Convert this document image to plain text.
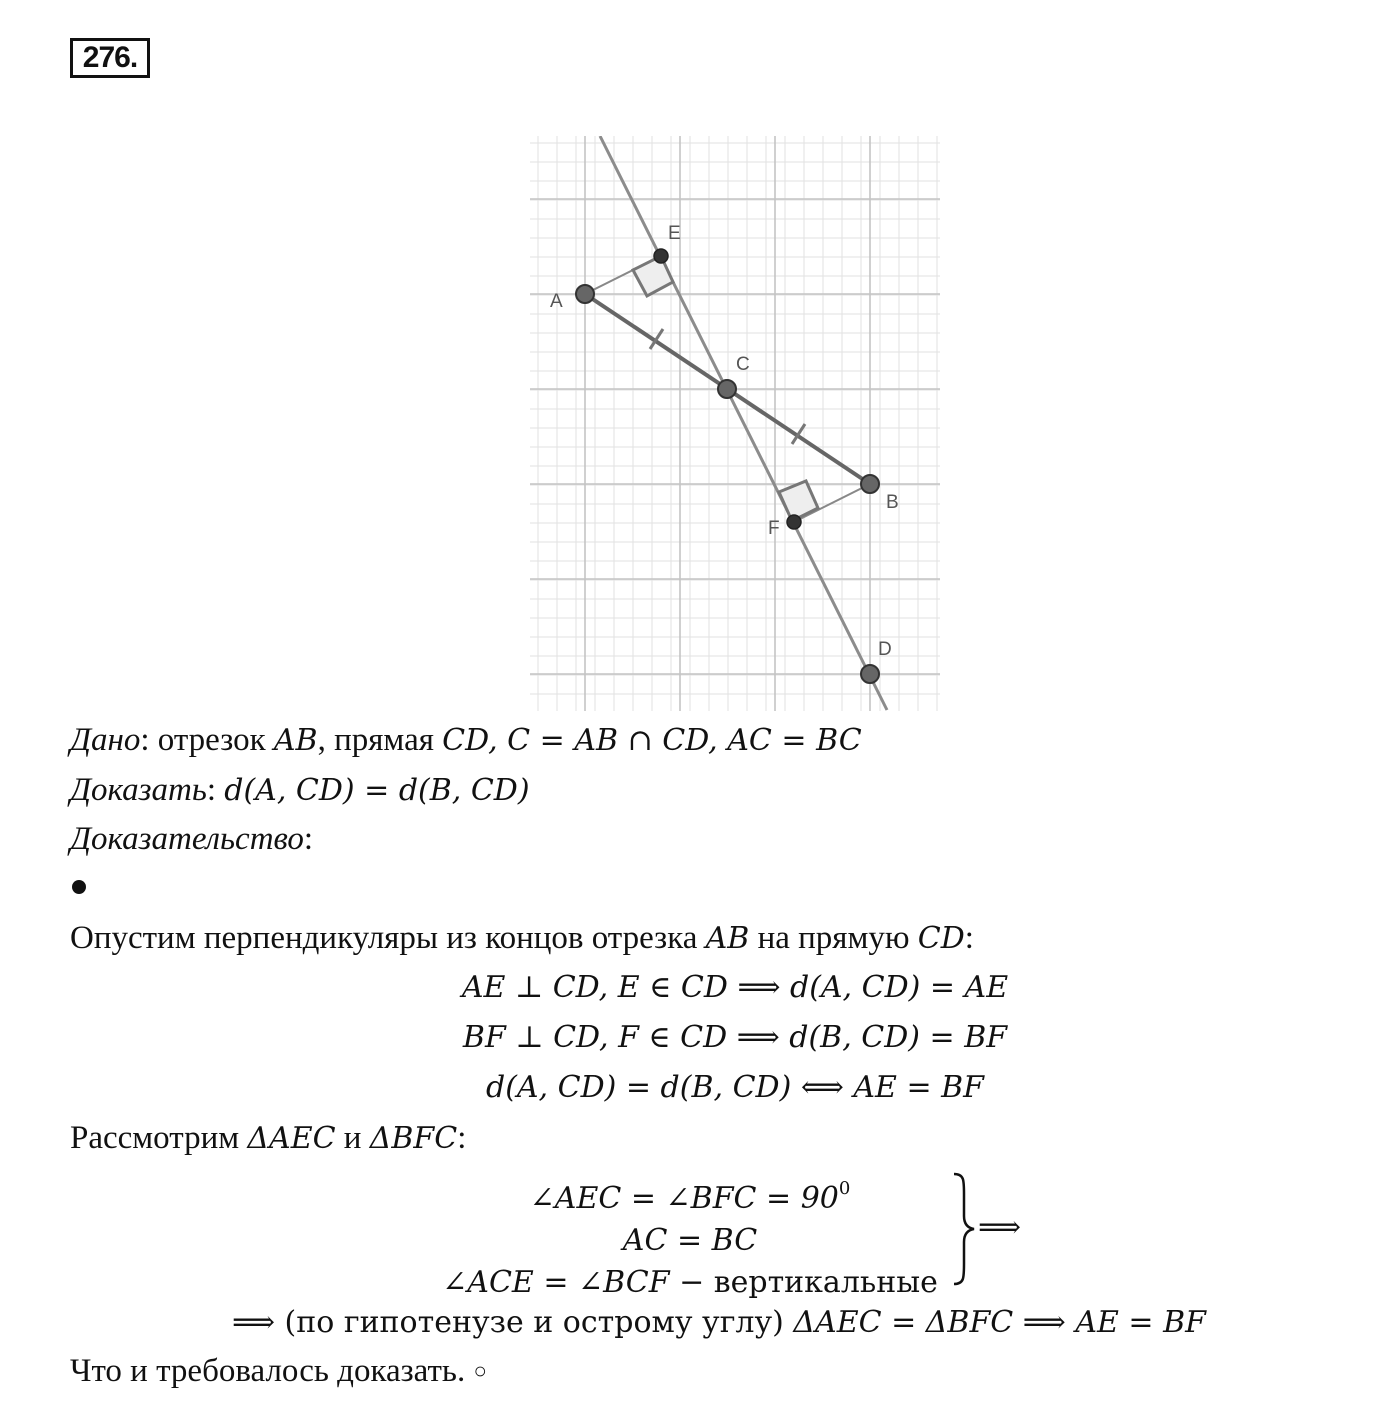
276.
A
B
C
D
E
F
Дано: отрезок AB, прямая CD, C = AB ∩ CD, AC = BC
Доказать: d(A, CD) = d(B, CD)
Доказательство:
Опустим перпендикуляры из концов отрезка AB на прямую CD:
AE ⊥ CD, E ∈ CD ⟹ d(A, CD) = AE
BF ⊥ CD, F ∈ CD ⟹ d(B, CD) = BF
d(A, CD) = d(B, CD) ⟺ AE = BF
Рассмотрим ΔAEC и ΔBFC:
∠AEC = ∠BFC = $90^0$
AC = BC
∠ACE = ∠BCF − вертикальные
⟹
⟹ (по гипотенузе и острому углу) ΔAEC = ΔBFC ⟹ AE = BF
Что и требовалось доказать. ○
